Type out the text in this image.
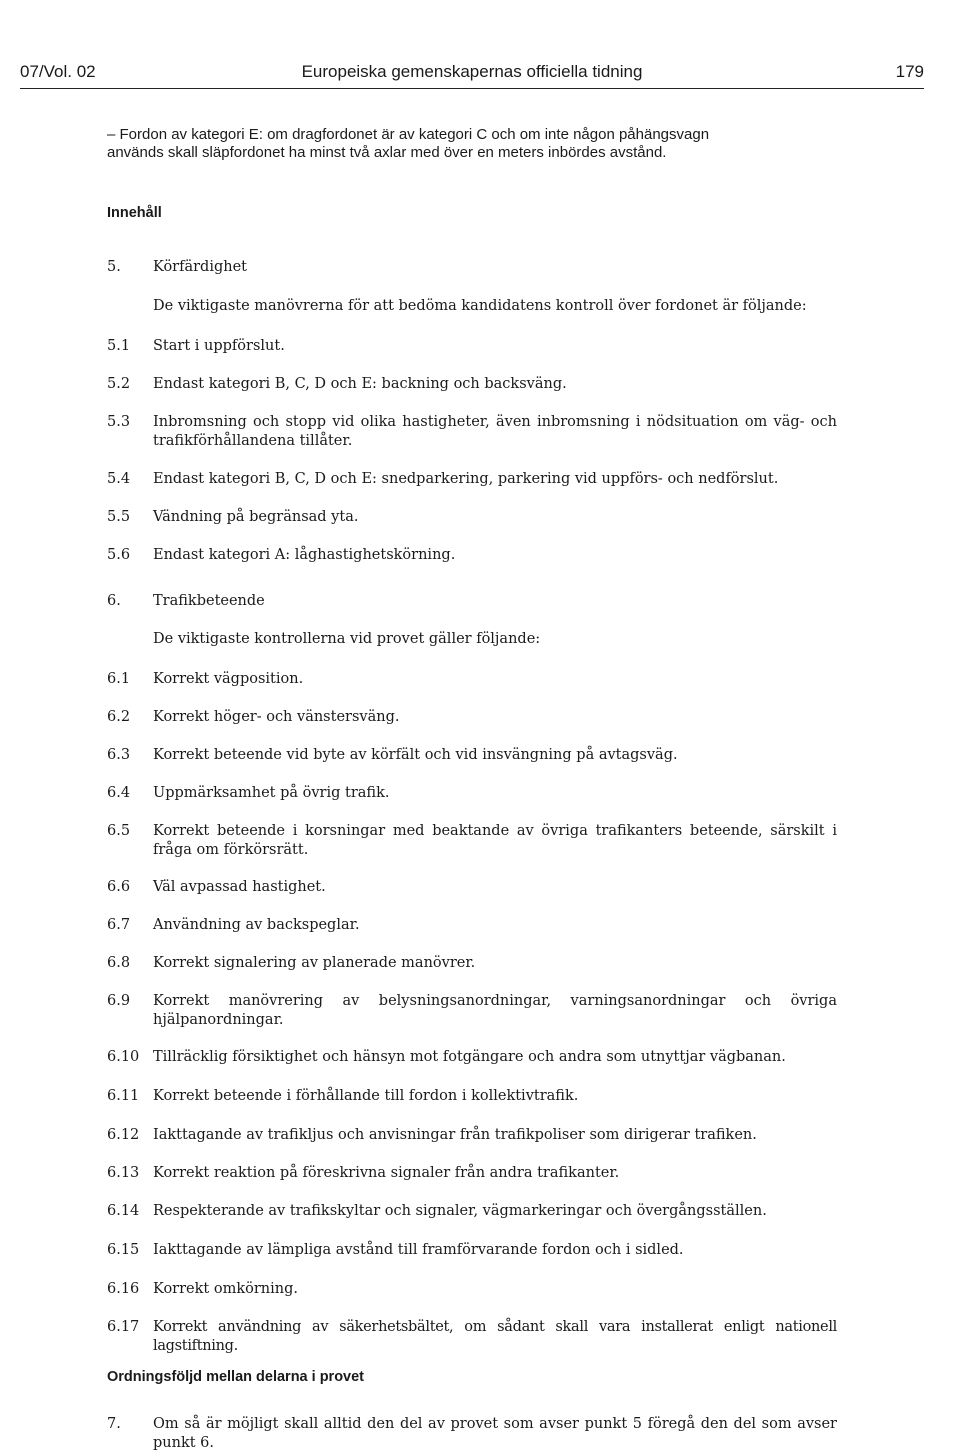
07/Vol. 02	Europeiska gemenskapernas officiella tidning	179
– Fordon av kategori E: om dragfordonet är av kategori C och om inte någon påhängsvagn
används skall släpfordonet ha minst två axlar med över en meters inbördes avstånd.
Innehåll
5.	Körfärdighet
De viktigaste manövrerna för att bedöma kandidatens kontroll över fordonet är följande:
5.1	Start i uppförslut.
5.2	Endast kategori B, C, D och E: backning och backsväng.
5.3	Inbromsning och stopp vid olika hastigheter, även inbromsning i nödsituation om väg- och trafikförhållandena tillåter.
5.4	Endast kategori B, C, D och E: snedparkering, parkering vid uppförs- och nedförslut.
5.5	Vändning på begränsad yta.
5.6	Endast kategori A: låghastighetskörning.
6.	Trafikbeteende
De viktigaste kontrollerna vid provet gäller följande:
6.1	Korrekt vägposition.
6.2	Korrekt höger- och vänstersväng.
6.3	Korrekt beteende vid byte av körfält och vid insvängning på avtagsväg.
6.4	Uppmärksamhet på övrig trafik.
6.5	Korrekt beteende i korsningar med beaktande av övriga trafikanters beteende, särskilt i fråga om förkörsrätt.
6.6	Väl avpassad hastighet.
6.7	Användning av backspeglar.
6.8	Korrekt signalering av planerade manövrer.
6.9	Korrekt manövrering av belysningsanordningar, varningsanordningar och övriga hjälpanordningar.
6.10 Tillräcklig försiktighet och hänsyn mot fotgängare och andra som utnyttjar vägbanan.
6.11 Korrekt beteende i förhållande till fordon i kollektivtrafik.
6.12 Iakttagande av trafikljus och anvisningar från trafikpoliser som dirigerar trafiken.
6.13 Korrekt reaktion på föreskrivna signaler från andra trafikanter.
6.14 Respekterande av trafikskyltar och signaler, vägmarkeringar och övergångsställen.
6.15 Iakttagande av lämpliga avstånd till framförvarande fordon och i sidled.
6.16 Korrekt omkörning.
6.17 Korrekt användning av säkerhetsbältet, om sådant skall vara installerat enligt nationell lagstiftning.
Ordningsföljd mellan delarna i provet
7.	Om så är möjligt skall alltid den del av provet som avser punkt 5 föregå den del som avser punkt 6.
